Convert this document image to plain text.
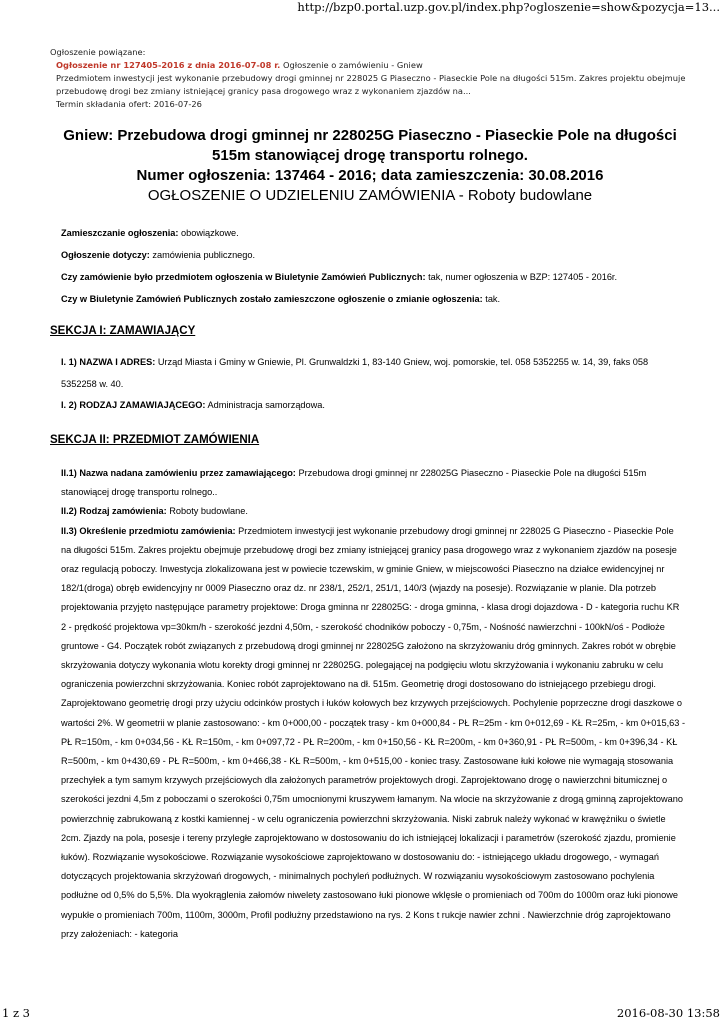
http://bzp0.portal.uzp.gov.pl/index.php?ogloszenie=show&pozycja=13...
Ogłoszenie powiązane:
Ogłoszenie nr 127405-2016 z dnia 2016-07-08 r. Ogłoszenie o zamówieniu - Gniew
Przedmiotem inwestycji jest wykonanie przebudowy drogi gminnej nr 228025 G Piaseczno - Piaseckie Pole na długości 515m. Zakres projektu obejmuje przebudowę drogi bez zmiany istniejącej granicy pasa drogowego wraz z wykonaniem zjazdów na...
Termin składania ofert: 2016-07-26
Gniew: Przebudowa drogi gminnej nr 228025G Piaseczno - Piaseckie Pole na długości 515m stanowiącej drogę transportu rolnego.
Numer ogłoszenia: 137464 - 2016; data zamieszczenia: 30.08.2016
OGŁOSZENIE O UDZIELENIU ZAMÓWIENIA - Roboty budowlane

Zamieszczanie ogłoszenia: obowiązkowe.

Ogłoszenie dotyczy: zamówienia publicznego.

Czy zamówienie było przedmiotem ogłoszenia w Biuletynie Zamówień Publicznych: tak, numer ogłoszenia w BZP: 127405 - 2016r.

Czy w Biuletynie Zamówień Publicznych zostało zamieszczone ogłoszenie o zmianie ogłoszenia: tak.

SEKCJA I: ZAMAWIAJĄCY

I. 1) NAZWA I ADRES: Urząd Miasta i Gminy w Gniewie, Pl. Grunwaldzki 1, 83-140 Gniew, woj. pomorskie, tel. 058 5352255 w. 14, 39, faks 058 5352258 w. 40.

I. 2) RODZAJ ZAMAWIAJĄCEGO: Administracja samorządowa.

SEKCJA II: PRZEDMIOT ZAMÓWIENIA

II.1) Nazwa nadana zamówieniu przez zamawiającego: Przebudowa drogi gminnej nr 228025G Piaseczno - Piaseckie Pole na długości 515m stanowiącej drogę transportu rolnego..

II.2) Rodzaj zamówienia: Roboty budowlane.

II.3) Określenie przedmiotu zamówienia: Przedmiotem inwestycji jest wykonanie przebudowy drogi gminnej nr 228025 G Piaseczno - Piaseckie Pole na długości 515m. Zakres projektu obejmuje przebudowę drogi bez zmiany istniejącej granicy pasa drogowego wraz z wykonaniem zjazdów na posesje oraz regulacją poboczy. Inwestycja zlokalizowana jest w powiecie tczewskim, w gminie Gniew, w miejscowości Piaseczno na działce ewidencyjnej nr 182/1(droga) obręb ewidencyjny nr 0009 Piaseczno oraz dz. nr 238/1, 252/1, 251/1, 140/3 (wjazdy na posesje). Rozwiązanie w planie. Dla potrzeb projektowania przyjęto następujące parametry projektowe: Droga gminna nr 228025G: - droga gminna, - klasa drogi dojazdowa - D - kategoria ruchu KR 2 - prędkość projektowa vp=30km/h - szerokość jezdni 4,50m, - szerokość chodników poboczy - 0,75m, - Nośność nawierzchni - 100kN/oś - Podłoże gruntowe - G4. Początek robót związanych z przebudową drogi gminnej nr 228025G założono na skrzyżowaniu dróg gminnych. Zakres robót w obrębie skrzyżowania dotyczy wykonania wlotu korekty drogi gminnej nr 228025G. polegającej na podgięciu wlotu skrzyżowania i wykonaniu zabruku w celu ograniczenia powierzchni skrzyżowania. Koniec robót zaprojektowano na dł. 515m. Geometrię drogi dostosowano do istniejącego przebiegu drogi. Zaprojektowano geometrię drogi przy użyciu odcinków prostych i łuków kołowych bez krzywych przejściowych. Pochylenie poprzeczne drogi daszkowe o wartości 2%. W geometrii w planie zastosowano: - km 0+000,00 - początek trasy - km 0+000,84 - PŁ R=25m - km 0+012,69 - KŁ R=25m, - km 0+015,63 - PŁ R=150m, - km 0+034,56 - KŁ R=150m, - km 0+097,72 - PŁ R=200m, - km 0+150,56 - KŁ R=200m, - km 0+360,91 - PŁ R=500m, - km 0+396,34 - KŁ R=500m, - km 0+430,69 - PŁ R=500m, - km 0+466,38 - KŁ R=500m, - km 0+515,00 - koniec trasy. Zastosowane łuki kołowe nie wymagają stosowania przechyłek a tym samym krzywych przejściowych dla założonych parametrów projektowych drogi. Zaprojektowano drogę o nawierzchni bitumicznej o szerokości jezdni 4,5m z poboczami o szerokości 0,75m umocnionymi kruszywem łamanym. Na wlocie na skrzyżowanie z drogą gminną zaprojektowano powierzchnię zabrukowaną z kostki kamiennej - w celu ograniczenia powierzchni skrzyżowania. Niski zabruk należy wykonać w krawężniku o świetle 2cm. Zjazdy na pola, posesje i tereny przyległe zaprojektowano w dostosowaniu do ich istniejącej lokalizacji i parametrów (szerokość zjazdu, promienie łuków). Rozwiązanie wysokościowe. Rozwiązanie wysokościowe zaprojektowano w dostosowaniu do: - istniejącego układu drogowego, - wymagań dotyczących projektowania skrzyżowań drogowych, - minimalnych pochyleń podłużnych. W rozwiązaniu wysokościowym zastosowano pochylenia podłużne od 0,5% do 5,5%. Dla wyokrąglenia załomów niwelety zastosowano łuki pionowe wklęsłe o promieniach od 700m do 1000m oraz łuki pionowe wypukłe o promieniach 700m, 1100m, 3000m, Profil podłużny przedstawiono na rys. 2 Kons t rukcje nawier zchni . Nawierzchnie dróg zaprojektowano przy założeniach: - kategoria

1 z 3	2016-08-30 13:58
